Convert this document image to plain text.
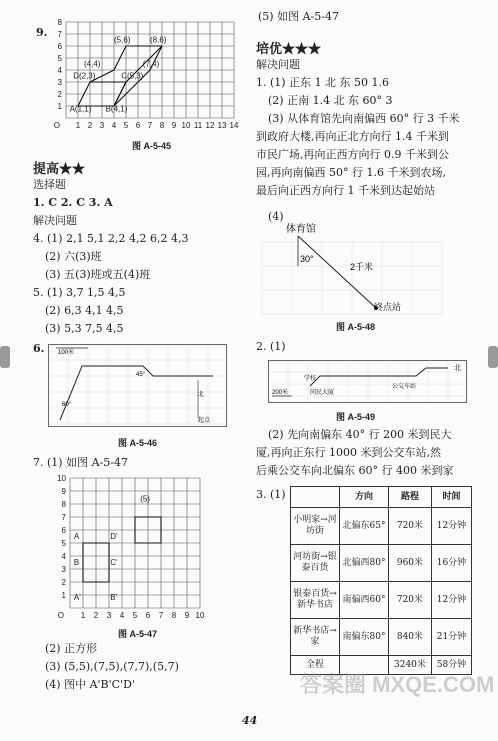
9.
8
7
6
5
4
3
2
1
1 2 3 4 5 6 7 8 9 10 11 12 13 14
O
(5,6) (8,6)
(4,4)	(7,4)
D(2,3)	C(5,3)
A(1,1) B(4,1)
图 A-5-45
提高★★
选择题
1. C 2. C 3. A
解决问题
4. (1) 2,1 5,1 2,2 4,2 6,2 4,3
(2) 六(3)班
(3) 五(3)班或五(4)班
5. (1) 3,7 1,5 4,5
(2) 6,3 4,1 4,5
(3) 5,3 7,5 4,5
6. 100米
45°
60°
北
起点
图 A-5-46
7. (1) 如图 A-5-47
10
9
8
7
6
5
4
3
2
1
1 2 3 4 5 6 7 8 9 10
O
(5)
D'
A
C'
B
A'	B'
图 A-5-47
(2) 正方形
(3) (5,5),(7,5),(7,7),(5,7)
(4) 图中 A'B'C'D'
(5) 如图 A-5-47
培优★★★
解决问题
1. (1) 正东 1 北 东 50 1.6
(2) 正南 1.4 北 东 60° 3
(3) 从体育馆先向南偏西 60° 行 3 千米
到政府大楼,再向正北方向行 1.4 千米到
市民广场,再向正西方向行 0.9 千米到公
园,再向南偏西 50° 行 1.6 千米到农场,
最后向正西方向行 1 千米到达起始站
(4)
体育馆
30°
2千米
终点站
图 A-5-48
2. (1)
北
学校
同民大厦
公交车站
200米
图 A-5-49
(2) 先向南偏东 40° 行 200 米到民大
厦,再向正东行 1000 米到公交车站,然
后乘公交车向北偏东 60° 行 400 米到家
3. (1)
		方向	路程	时间
小明家→河坊街	北偏东65°	720米	12分钟
河坊街→银泰百货	北偏西80°	960米	16分钟
银泰百货→新华书店	南偏西60°	720米	12分钟
新华书店→家	南偏东80°	840米	21分钟
全程		3240米	58分钟
44
答案圈 MXQE.COM
